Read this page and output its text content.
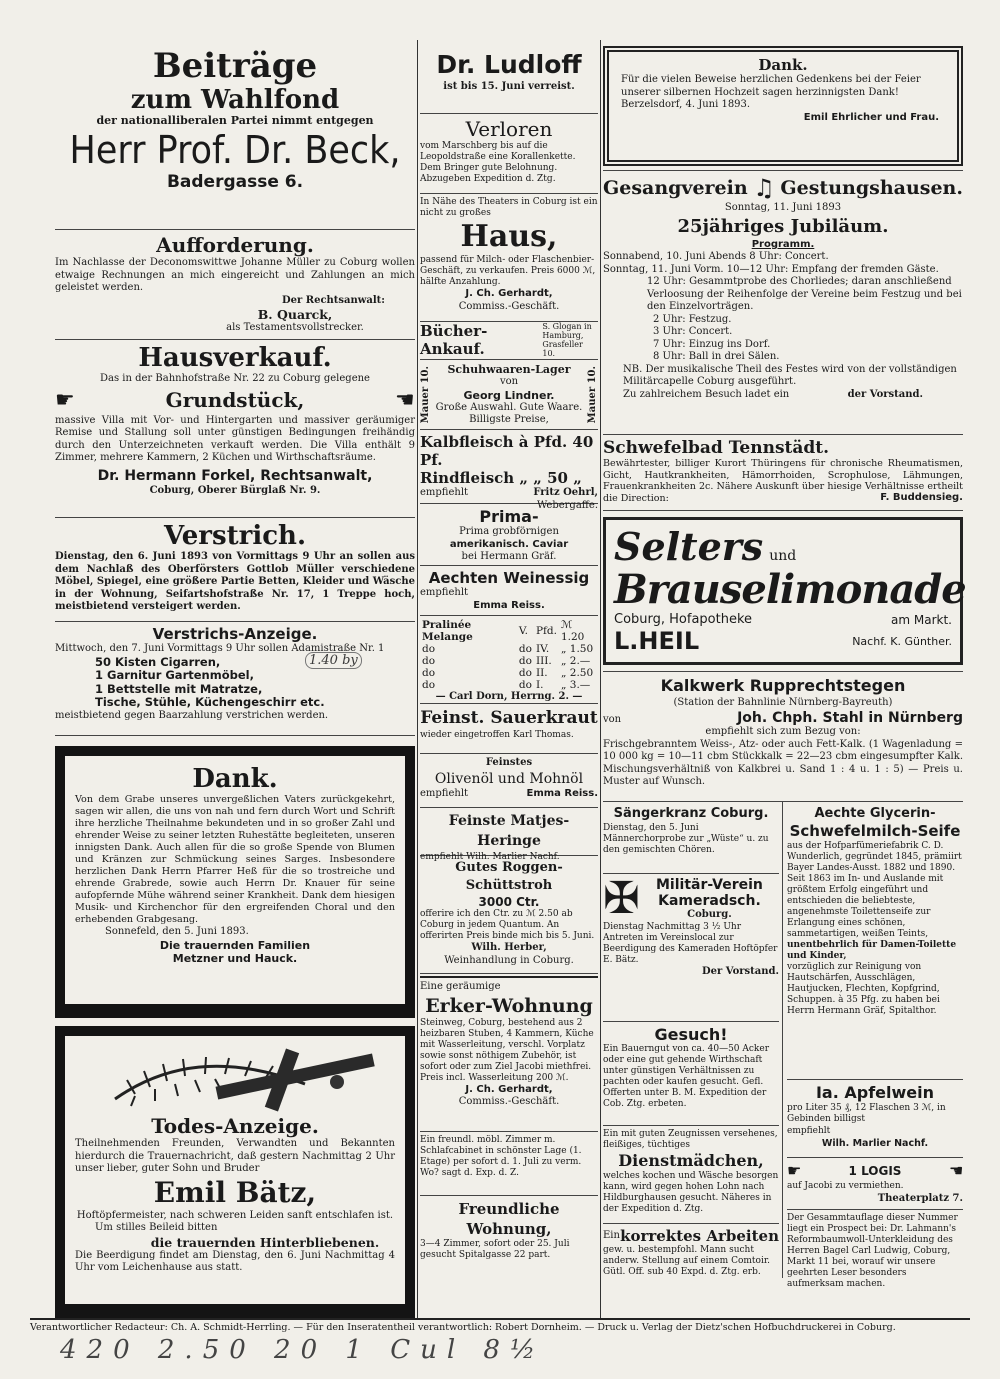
Beiträge
zum Wahlfond
der nationalliberalen Partei nimmt entgegen
Herr Prof. Dr. Beck,
Badergasse 6.
Aufforderung.

Im Nachlasse der Deconomswittwe Johanne Müller zu Coburg wollen etwaige Rechnungen an mich eingereicht und Zahlungen an mich geleistet werden.

Der Rechtsanwalt:
B. Quarck,
als Testamentsvollstrecker.
Hausverkauf.
Das in der Bahnhofstraße Nr. 22 zu Coburg gelegene
☛	Grundstück,	☛

massive Villa mit Vor- und Hintergarten und massiver geräumiger Remise und Stallung soll unter günstigen Bedingungen freihändig durch den Unterzeichneten verkauft werden. Die Villa enthält 9 Zimmer, mehrere Kammern, 2 Küchen und Wirthschaftsräume.

Dr. Hermann Forkel, Rechtsanwalt,
Coburg, Oberer Bürglaß Nr. 9.
Verstrich.

Dienstag, den 6. Juni 1893 von Vormittags 9 Uhr an sollen aus dem Nachlaß des Oberförsters Gottlob Müller verschiedene Möbel, Spiegel, eine größere Partie Betten, Kleider und Wäsche in der Wohnung, Seifartshofstraße Nr. 17, 1 Treppe hoch, meistbietend versteigert werden.

Verstrichs-Anzeige.

Mittwoch, den 7. Juni Vormittags 9 Uhr sollen Adamistraße Nr. 1

50 Kisten Cigarren,
1 Garnitur Gartenmöbel,
1 Bettstelle mit Matratze,
Tische, Stühle, Küchengeschirr etc.

meistbietend gegen Baarzahlung verstrichen werden.

Dank.

Von dem Grabe unseres unvergeßlichen Vaters zurückgekehrt, sagen wir allen, die uns von nah und fern durch Wort und Schrift ihre herzliche Theilnahme bekundeten und in so großer Zahl und ehrender Weise zu seiner letzten Ruhestätte begleiteten, unseren innigsten Dank. Auch allen für die so große Spende von Blumen und Kränzen zur Schmückung seines Sarges. Insbesondere herzlichen Dank Herrn Pfarrer Heß für die so trostreiche und ehrende Grabrede, sowie auch Herrn Dr. Knauer für seine aufopfernde Mühe während seiner Krankheit. Dank dem hiesigen Musik- und Kirchenchor für den ergreifenden Choral und den erhebenden Grabgesang.

Sonnefeld, den 5. Juni 1893.
Die trauernden Familien
Metzner und Hauck.
Todes-Anzeige.

Theilnehmenden Freunden, Verwandten und Bekannten hierdurch die Trauernachricht, daß gestern Nachmittag 2 Uhr unser lieber, guter Sohn und Bruder

Emil Bätz,

Hoftöpfermeister, nach schweren Leiden sanft entschlafen ist.

Um stilles Beileid bitten

die trauernden Hinterbliebenen.

Die Beerdigung findet am Dienstag, den 6. Juni Nachmittag 4 Uhr vom Leichenhause aus statt.

Dr. Ludloff
ist bis 15. Juni verreist.
Verloren

vom Marschberg bis auf die Leopoldstraße eine Korallenkette. Dem Bringer gute Belohnung. Abzugeben Expedition d. Ztg.

In Nähe des Theaters in Coburg ist ein nicht zu großes

Haus,

passend für Milch- oder Flaschenbier-Geschäft, zu verkaufen. Preis 6000 ℳ, hälfte Anzahlung.

J. Ch. Gerhardt,
Commiss.-Geschäft.
Bücher-Ankauf.
S. Glogan in Hamburg, Grasfeller 10.
Schuhwaaren-Lager
von
Georg Lindner.
Große Auswahl. Gute Waare.
Billigste Preise,
Mauer 10.	Mauer 10.
Kalbfleisch à Pfd. 40 Pf.
Rindfleisch „ „ 50 „
empfiehlt	Fritz Oehrl,
Webergaffe.
Prima-
Prima grobförnigen
amerikanisch. Caviar
bei Hermann Gräf.
Aechten Weinessig
empfiehlt
Emma Reiss.
Pralinée Melange	V.	Pfd.	ℳ 1.20
do	do	IV.	„ 1.50
do	do	III.	„ 2.—
do	do	II.	„ 2.50
do	do	I.	„ 3.—
— Carl Dorn, Herrng. 2. —
Feinst. Sauerkraut
wieder eingetroffen Karl Thomas.
Feinstes
Olivenöl und Mohnöl
empfiehlt	Emma Reiss.
Feinste Matjes-Heringe
empfiehlt Wilh. Marlier Nachf.
Gutes Roggen-Schüttstroh
3000 Ctr.

offerire ich den Ctr. zu ℳ 2.50 ab Coburg in jedem Quantum. An offerirten Preis binde mich bis 5. Juni.

Wilh. Herber,
Weinhandlung in Coburg.
Eine geräumige
Erker-Wohnung

Steinweg, Coburg, bestehend aus 2 heizbaren Stuben, 4 Kammern, Küche mit Wasserleitung, verschl. Vorplatz sowie sonst nöthigem Zubehör, ist sofort oder zum Ziel Jacobi miethfrei. Preis incl. Wasserleitung 200 ℳ.

J. Ch. Gerhardt,
Commiss.-Geschäft.

Ein freundl. möbl. Zimmer m. Schlafcabinet in schönster Lage (1. Etage) per sofort d. 1. Juli zu verm. Wo? sagt d. Exp. d. Z.

Freundliche Wohnung,

3—4 Zimmer, sofort oder 25. Juli gesucht Spitalgasse 22 part.

Dank.

Für die vielen Beweise herzlichen Gedenkens bei der Feier unserer silbernen Hochzeit sagen herzinnigsten Dank! Berzelsdorf, 4. Juni 1893.

Emil Ehrlicher und Frau.
Gesangverein ♫ Gestungshausen.
Sonntag, 11. Juni 1893
25jähriges Jubiläum.
Programm.
Sonnabend, 10. Juni Abends 8 Uhr: Concert.
Sonntag, 11. Juni Vorm. 10—12 Uhr: Empfang der fremden Gäste.
12 Uhr: Gesammtprobe des Chorliedes; daran anschließend Verloosung der Reihenfolge der Vereine beim Festzug und bei den Einzelvorträgen.
2 Uhr: Festzug.
3 Uhr: Concert.
7 Uhr: Einzug ins Dorf.
8 Uhr: Ball in drei Sälen.

NB. Der musikalische Theil des Festes wird von der vollständigen Militärcapelle Coburg ausgeführt.

Zu zahlreichem Besuch ladet ein	der Vorstand.
Schwefelbad Tennstädt.

Bewährtester, billiger Kurort Thüringens für chronische Rheumatismen, Gicht, Hautkrankheiten, Hämorrhoiden, Scrophulose, Lähmungen, Frauenkrankheiten 2c. Nähere Auskunft über hiesige Verhältnisse ertheilt die Direction:	F. Buddensieg.
Selters und
Brauselimonade
Coburg, Hofapotheke	am Markt.
L.HEIL	Nachf. K. Günther.
Kalkwerk Rupprechtstegen
(Station der Bahnlinie Nürnberg-Bayreuth)
von	Joh. Chph. Stahl in Nürnberg
empfiehlt sich zum Bezug von:

Frischgebranntem Weiss-, Atz- oder auch Fett-Kalk. (1 Wagenladung = 10 000 kg = 10—11 cbm Stückkalk = 22—23 cbm eingesumpfter Kalk. Mischungsverhältniß von Kalkbrei u. Sand 1 : 4 u. 1 : 5) — Preis u. Muster auf Wunsch.

Sängerkranz Coburg.

Dienstag, den 5. Juni Männerchorprobe zur „Wüste“ u. zu den gemischten Chören.

✠	Militär-Verein
Kameradsch.
Coburg.

Dienstag Nachmittag 3 ½ Uhr Antreten im Vereinslocal zur Beerdigung des Kameraden Hoftöpfer E. Bätz.

Der Vorstand.
Gesuch!

Ein Bauerngut von ca. 40—50 Acker oder eine gut gehende Wirthschaft unter günstigen Verhältnissen zu pachten oder kaufen gesucht. Gefl. Offerten unter B. M. Expedition der Cob. Ztg. erbeten.

Ein mit guten Zeugnissen versehenes, fleißiges, tüchtiges

Dienstmädchen,

welches kochen und Wäsche besorgen kann, wird gegen hohen Lohn nach Hildburghausen gesucht. Näheres in der Expedition d. Ztg.

Ein korrektes Arbeiten

gew. u. bestempfohl. Mann sucht anderw. Stellung auf einem Comtoir. Gütl. Off. sub 40 Expd. d. Ztg. erb.

Aechte Glycerin-
Schwefelmilch-Seife

aus der Hofparfümeriefabrik C. D. Wunderlich, gegründet 1845, prämiirt Bayer Landes-Ausst. 1882 und 1890.

Seit 1863 im In- und Auslande mit größtem Erfolg eingeführt und entschieden die beliebteste, angenehmste Toilettenseife zur Erlangung eines schönen, sammetartigen, weißen Teints,

unentbehrlich für Damen-Toilette und Kinder,

vorzüglich zur Reinigung von Hautschärfen, Ausschlägen, Hautjucken, Flechten, Kopfgrind, Schuppen. à 35 Pfg. zu haben bei Herrn Hermann Gräf, Spitalthor.

Ia. Apfelwein

pro Liter 35 ₰, 12 Flaschen 3 ℳ, in Gebinden billigst

empfiehlt
Wilh. Marlier Nachf.
☛	1 LOGIS	☛
auf Jacobi zu vermiethen.
Theaterplatz 7.

Der Gesammtauflage dieser Nummer liegt ein Prospect bei: Dr. Lahmann's Reformbaumwoll-Unterkleidung des Herren Bagel Carl Ludwig, Coburg, Markt 11 bei, worauf wir unsere geehrten Leser besonders aufmerksam machen.

1.40 by
Verantwortlicher Redacteur: Ch. A. Schmidt-Herrling. — Für den Inseratentheil verantwortlich: Robert Dornheim. — Druck u. Verlag der Dietz'schen Hofbuchdruckerei in Coburg.
420 2.50 20 1 Cul 8½
